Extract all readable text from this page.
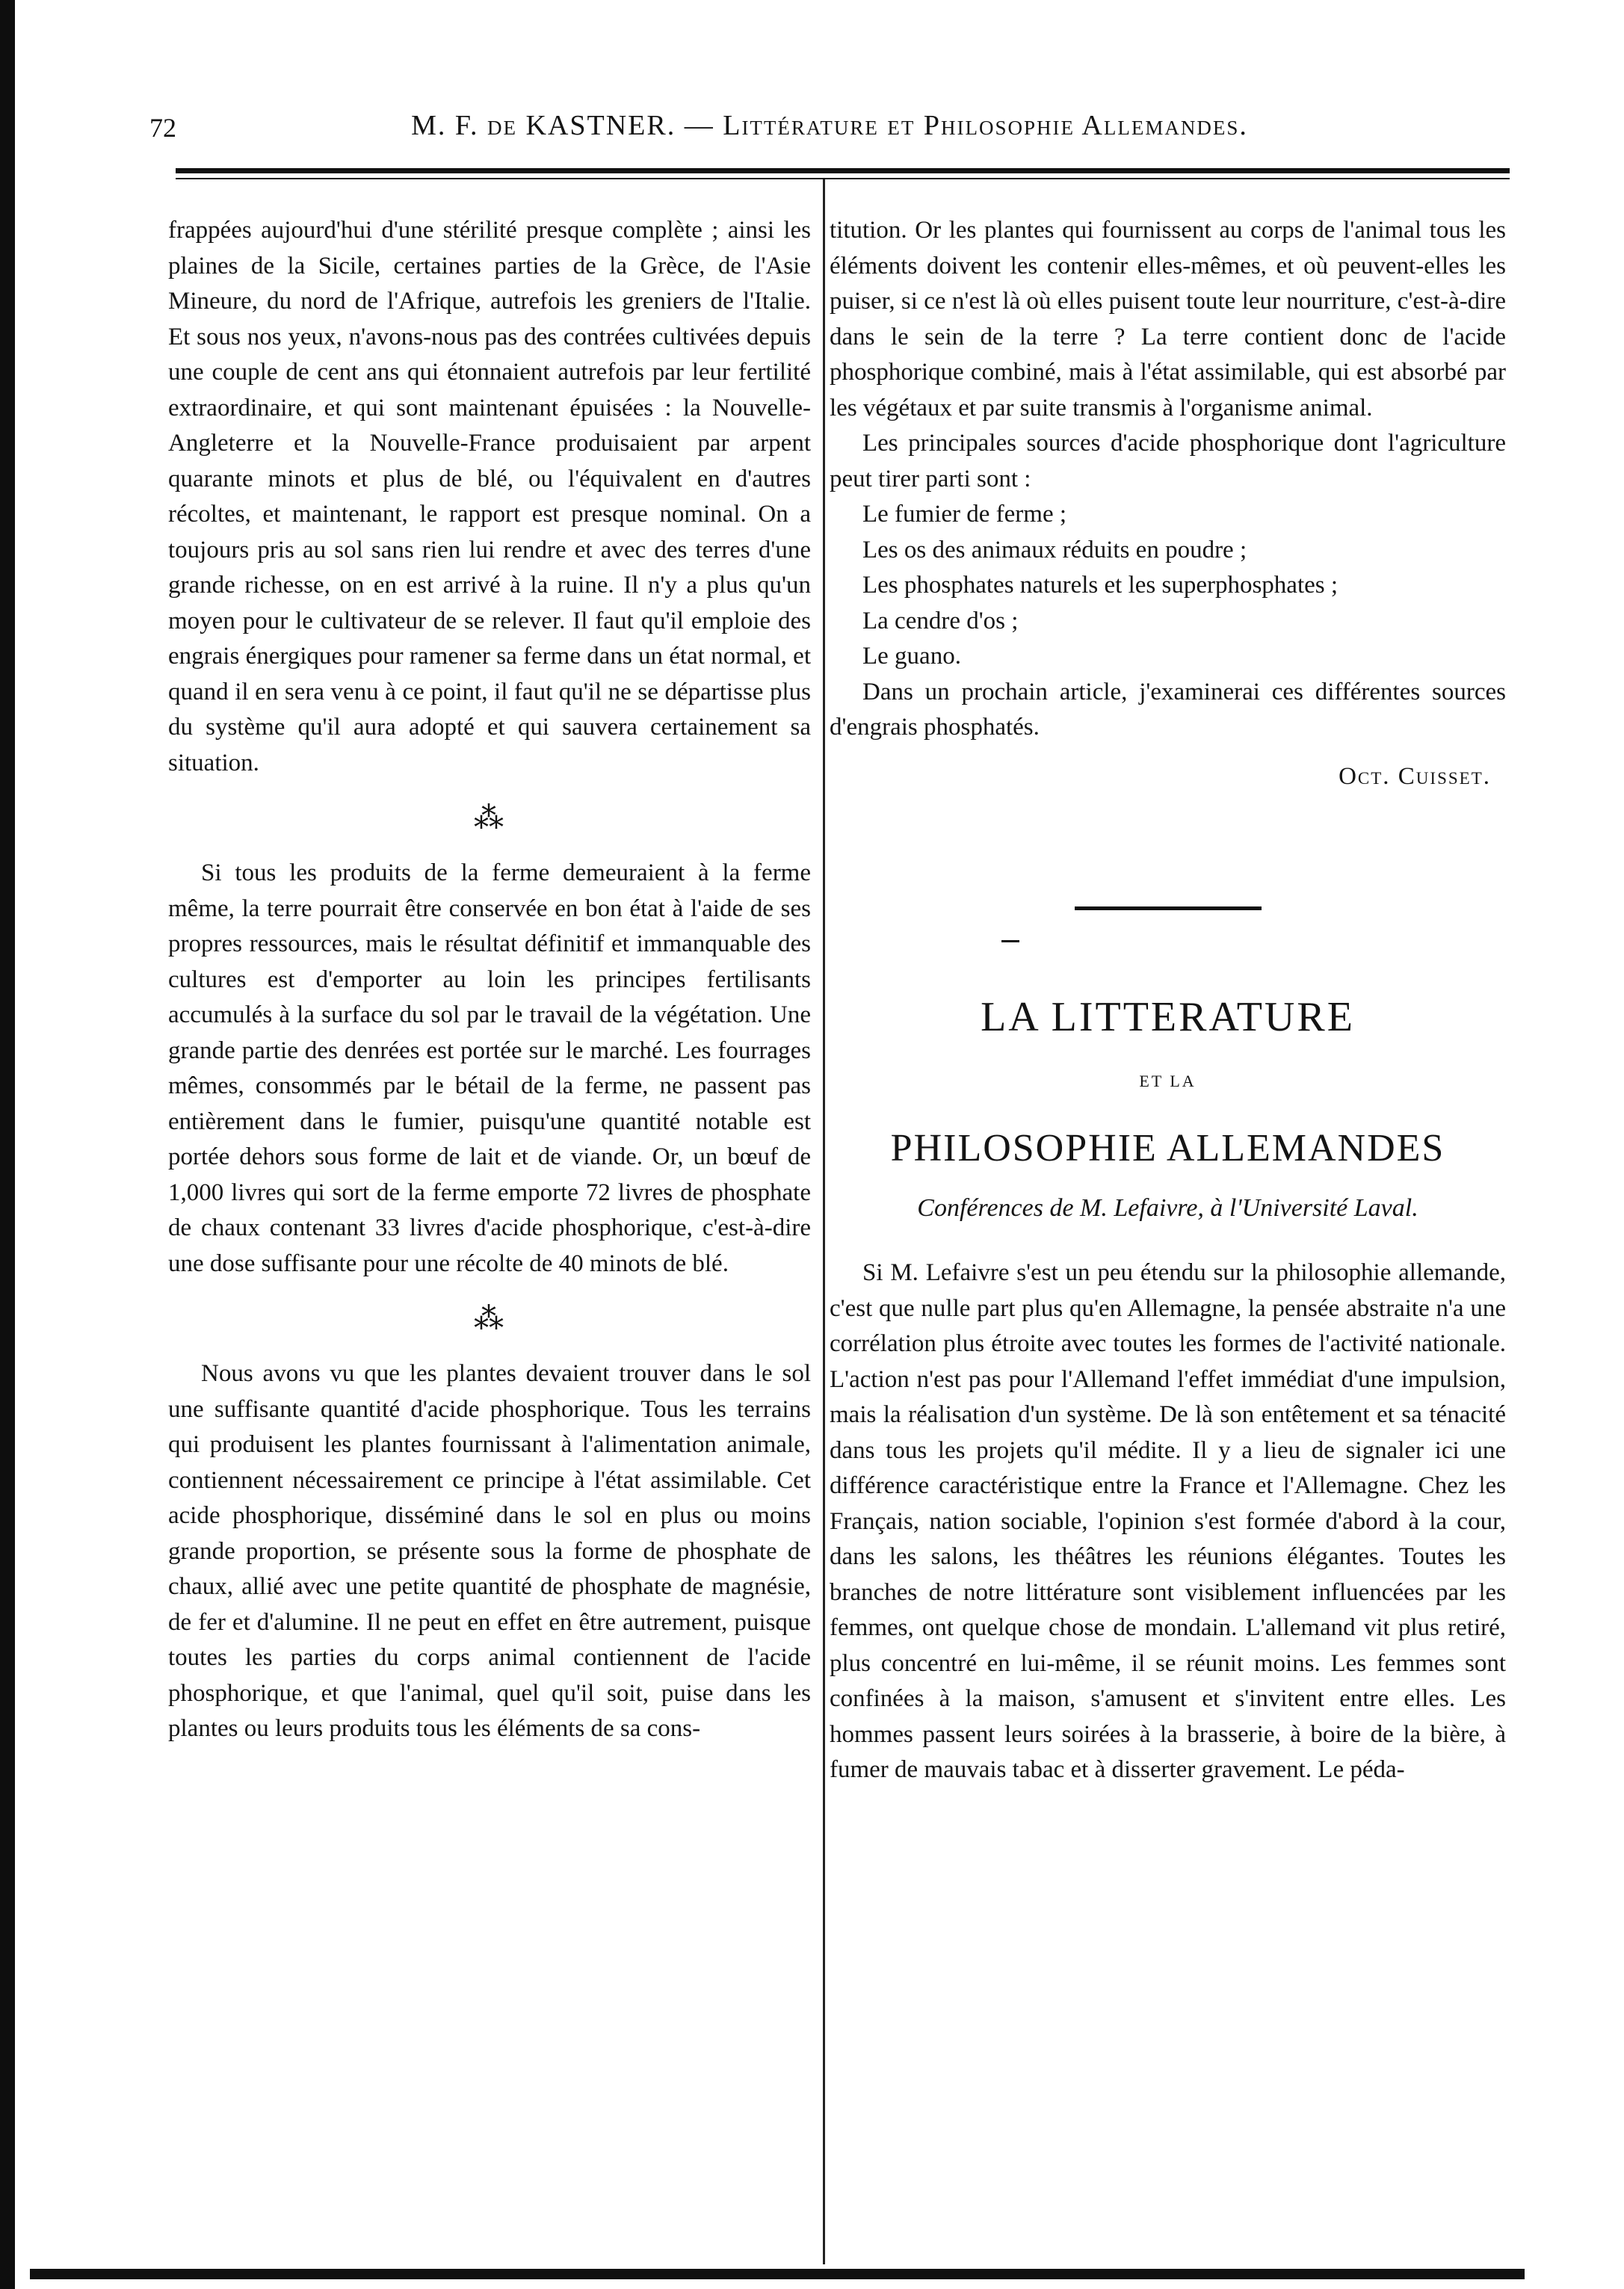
72	M. F. de KASTNER. — Littérature et Philosophie Allemandes.

frappées aujourd'hui d'une stérilité presque complète ; ainsi les plaines de la Sicile, certaines parties de la Grèce, de l'Asie Mineure, du nord de l'Afrique, autrefois les greniers de l'Italie. Et sous nos yeux, n'avons-nous pas des contrées cultivées depuis une couple de cent ans qui étonnaient autrefois par leur fertilité extraordinaire, et qui sont maintenant épuisées : la Nouvelle-Angleterre et la Nouvelle-France produisaient par arpent quarante minots et plus de blé, ou l'équivalent en d'autres récoltes, et maintenant, le rapport est presque nominal. On a toujours pris au sol sans rien lui rendre et avec des terres d'une grande richesse, on en est arrivé à la ruine. Il n'y a plus qu'un moyen pour le cultivateur de se relever. Il faut qu'il emploie des engrais énergiques pour ramener sa ferme dans un état normal, et quand il en sera venu à ce point, il faut qu'il ne se départisse plus du système qu'il aura adopté et qui sauvera certainement sa situation.

⁂

Si tous les produits de la ferme demeuraient à la ferme même, la terre pourrait être conservée en bon état à l'aide de ses propres ressources, mais le résultat définitif et immanquable des cultures est d'emporter au loin les principes fertilisants accumulés à la surface du sol par le travail de la végétation. Une grande partie des denrées est portée sur le marché. Les fourrages mêmes, consommés par le bétail de la ferme, ne passent pas entièrement dans le fumier, puisqu'une quantité notable est portée dehors sous forme de lait et de viande. Or, un bœuf de 1,000 livres qui sort de la ferme emporte 72 livres de phosphate de chaux contenant 33 livres d'acide phosphorique, c'est-à-dire une dose suffisante pour une récolte de 40 minots de blé.

⁂

Nous avons vu que les plantes devaient trouver dans le sol une suffisante quantité d'acide phosphorique. Tous les terrains qui produisent les plantes fournissant à l'alimentation animale, contiennent nécessairement ce principe à l'état assimilable. Cet acide phosphorique, disséminé dans le sol en plus ou moins grande proportion, se présente sous la forme de phosphate de chaux, allié avec une petite quantité de phosphate de magnésie, de fer et d'alumine. Il ne peut en effet en être autrement, puisque toutes les parties du corps animal contiennent de l'acide phosphorique, et que l'animal, quel qu'il soit, puise dans les plantes ou leurs produits tous les éléments de sa cons-

titution. Or les plantes qui fournissent au corps de l'animal tous les éléments doivent les contenir elles-mêmes, et où peuvent-elles les puiser, si ce n'est là où elles puisent toute leur nourriture, c'est-à-dire dans le sein de la terre ? La terre contient donc de l'acide phosphorique combiné, mais à l'état assimilable, qui est absorbé par les végétaux et par suite transmis à l'organisme animal.

Les principales sources d'acide phosphorique dont l'agriculture peut tirer parti sont :

Le fumier de ferme ;

Les os des animaux réduits en poudre ;

Les phosphates naturels et les superphosphates ;

La cendre d'os ;

Le guano.

Dans un prochain article, j'examinerai ces différentes sources d'engrais phosphatés.

Oct. Cuisset.
LA LITTERATURE
ET LA
PHILOSOPHIE ALLEMANDES
Conférences de M. Lefaivre, à l'Université Laval.

Si M. Lefaivre s'est un peu étendu sur la philosophie allemande, c'est que nulle part plus qu'en Allemagne, la pensée abstraite n'a une corrélation plus étroite avec toutes les formes de l'activité nationale. L'action n'est pas pour l'Allemand l'effet immédiat d'une impulsion, mais la réalisation d'un système. De là son entêtement et sa ténacité dans tous les projets qu'il médite. Il y a lieu de signaler ici une différence caractéristique entre la France et l'Allemagne. Chez les Français, nation sociable, l'opinion s'est formée d'abord à la cour, dans les salons, les théâtres les réunions élégantes. Toutes les branches de notre littérature sont visiblement influencées par les femmes, ont quelque chose de mondain. L'allemand vit plus retiré, plus concentré en lui-même, il se réunit moins. Les femmes sont confinées à la maison, s'amusent et s'invitent entre elles. Les hommes passent leurs soirées à la brasserie, à boire de la bière, à fumer de mauvais tabac et à disserter gravement. Le péda-
